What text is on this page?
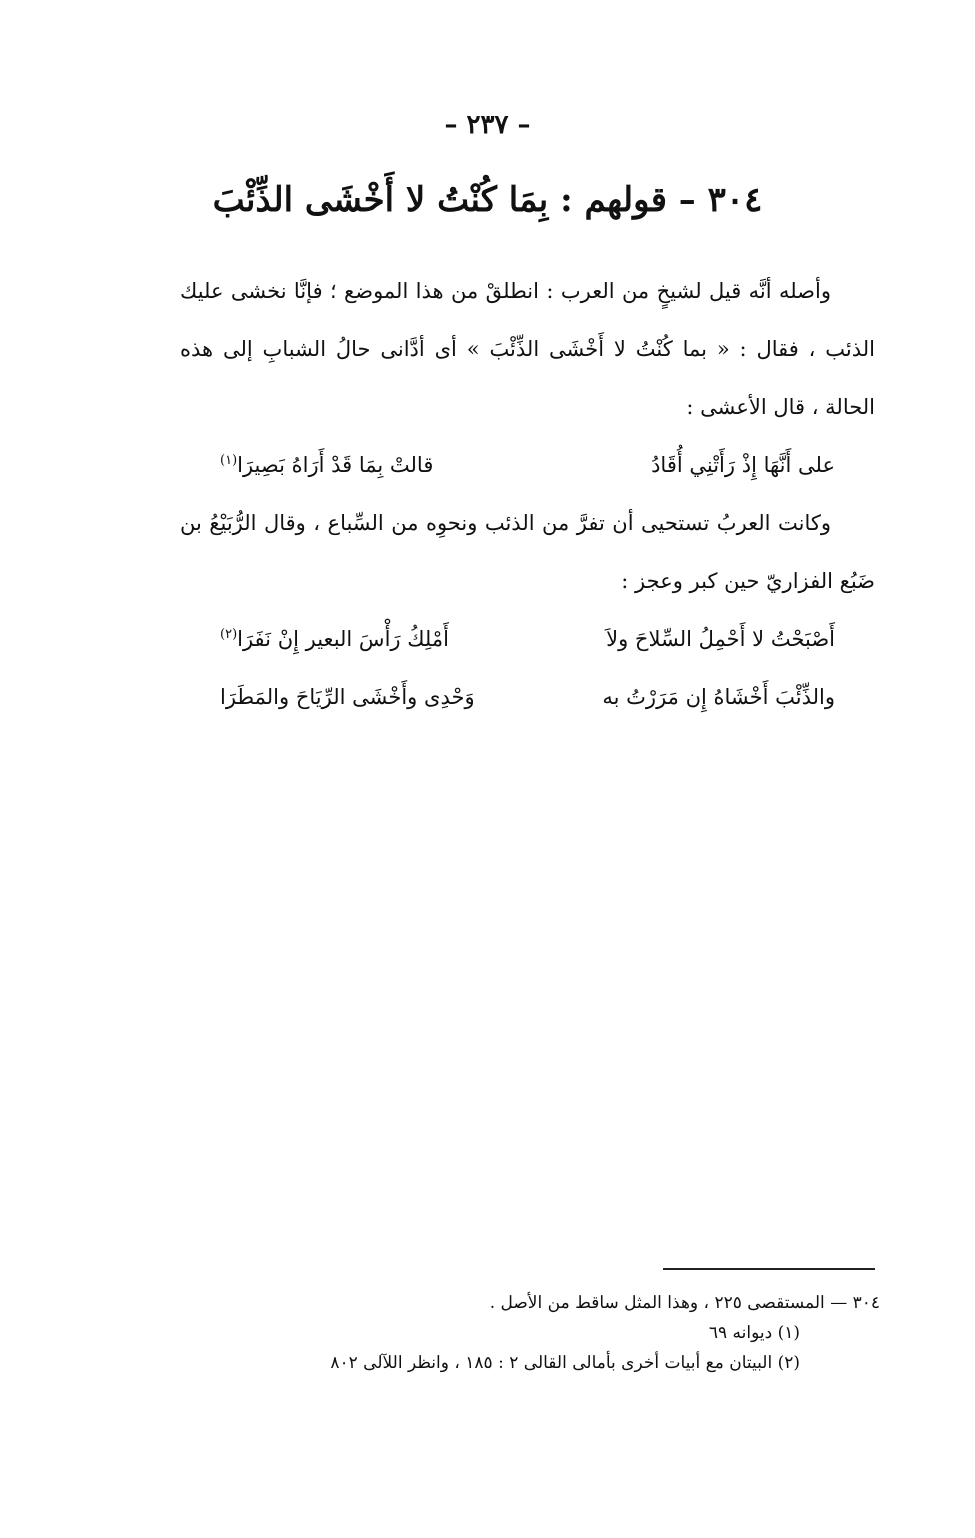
– ٢٣٧ –
٣٠٤ – قولهم : بِمَا كُنْتُ لا أَخْشَى الذِّئْبَ

وأصله أنَّه قيل لشيخٍ من العرب : انطلقْ من هذا الموضع ؛ فإنَّا نخشى عليك الذئب ، فقال : « بما كُنْتُ لا أَخْشَى الذِّئْبَ » أى أدَّانى حالُ الشبابِ إلى هذه الحالة ، قال الأعشى :

على أَنَّهَا إِذْ رَأَتْنِي أُقَادُ
قالتْ بِمَا قَدْ أَرَاهُ بَصِيرَا$^{(١)}$

وكانت العربُ تستحيى أن تفرَّ من الذئب ونحوِه من السِّباع ، وقال الرُّبَيْعُ بن ضَبُع الفزاريّ حين كبر وعجز :

أَصْبَحْتُ لا أَحْمِلُ السِّلاحَ ولاَ
أَمْلِكُ رَأْسَ البعير إِنْ نَفَرَا$^{(٢)}$
والذِّئْبَ أَخْشَاهُ إِن مَرَرْتُ به
وَحْدِى وأَخْشَى الرِّيَاحَ والمَطَرَا
٣٠٤ — المستقصى ٢٢٥ ، وهذا المثل ساقط من الأصل .
(١) ديوانه ٦٩
(٢) البيتان مع أبيات أخرى بأمالى القالى ٢ : ١٨٥ ، وانظر اللآلى ٨٠٢
